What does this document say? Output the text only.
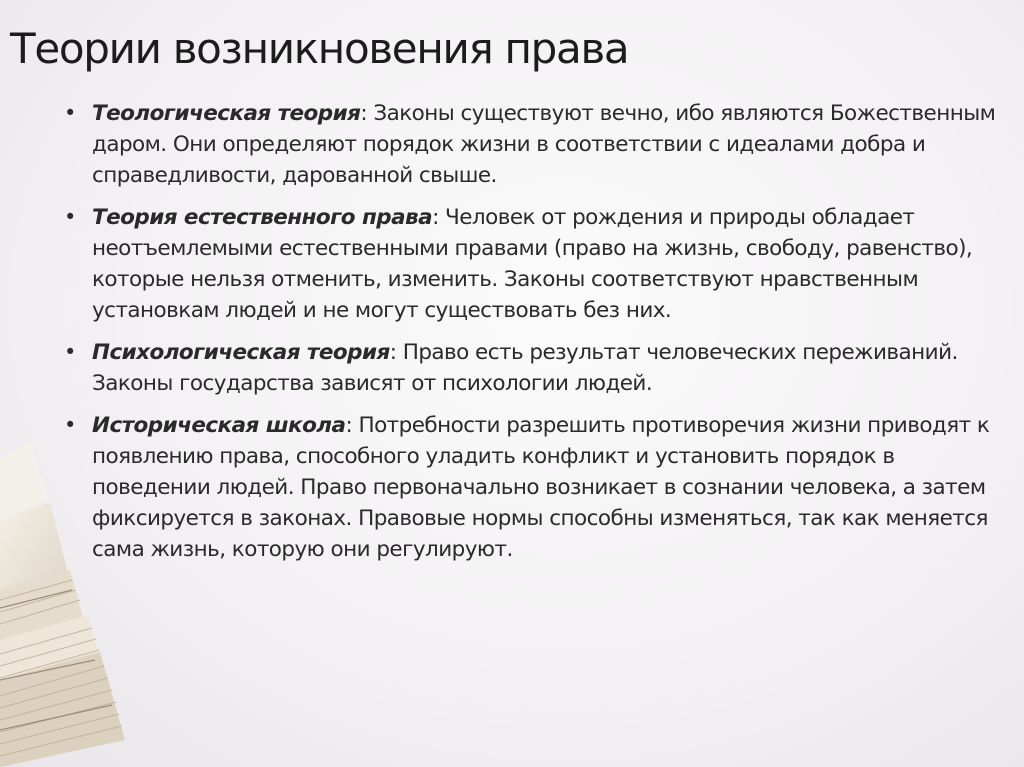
Теории возникновения права
• Теологическая теория: Законы существуют вечно, ибо являются Божественным даром. Они определяют порядок жизни в соответствии с идеалами добра и справедливости, дарованной свыше.
• Теория естественного права: Человек от рождения и природы обладает неотъемлемыми естественными правами (право на жизнь, свободу, равенство), которые нельзя отменить, изменить. Законы соответствуют нравственным установкам людей и не могут существовать без них.
• Психологическая теория: Право есть результат человеческих переживаний. Законы государства зависят от психологии людей.
• Историческая школа: Потребности разрешить противоречия жизни приводят к появлению права, способного уладить конфликт и установить порядок в поведении людей. Право первоначально возникает в сознании человека, а затем фиксируется в законах. Правовые нормы способны изменяться, так как меняется сама жизнь, которую они регулируют.
